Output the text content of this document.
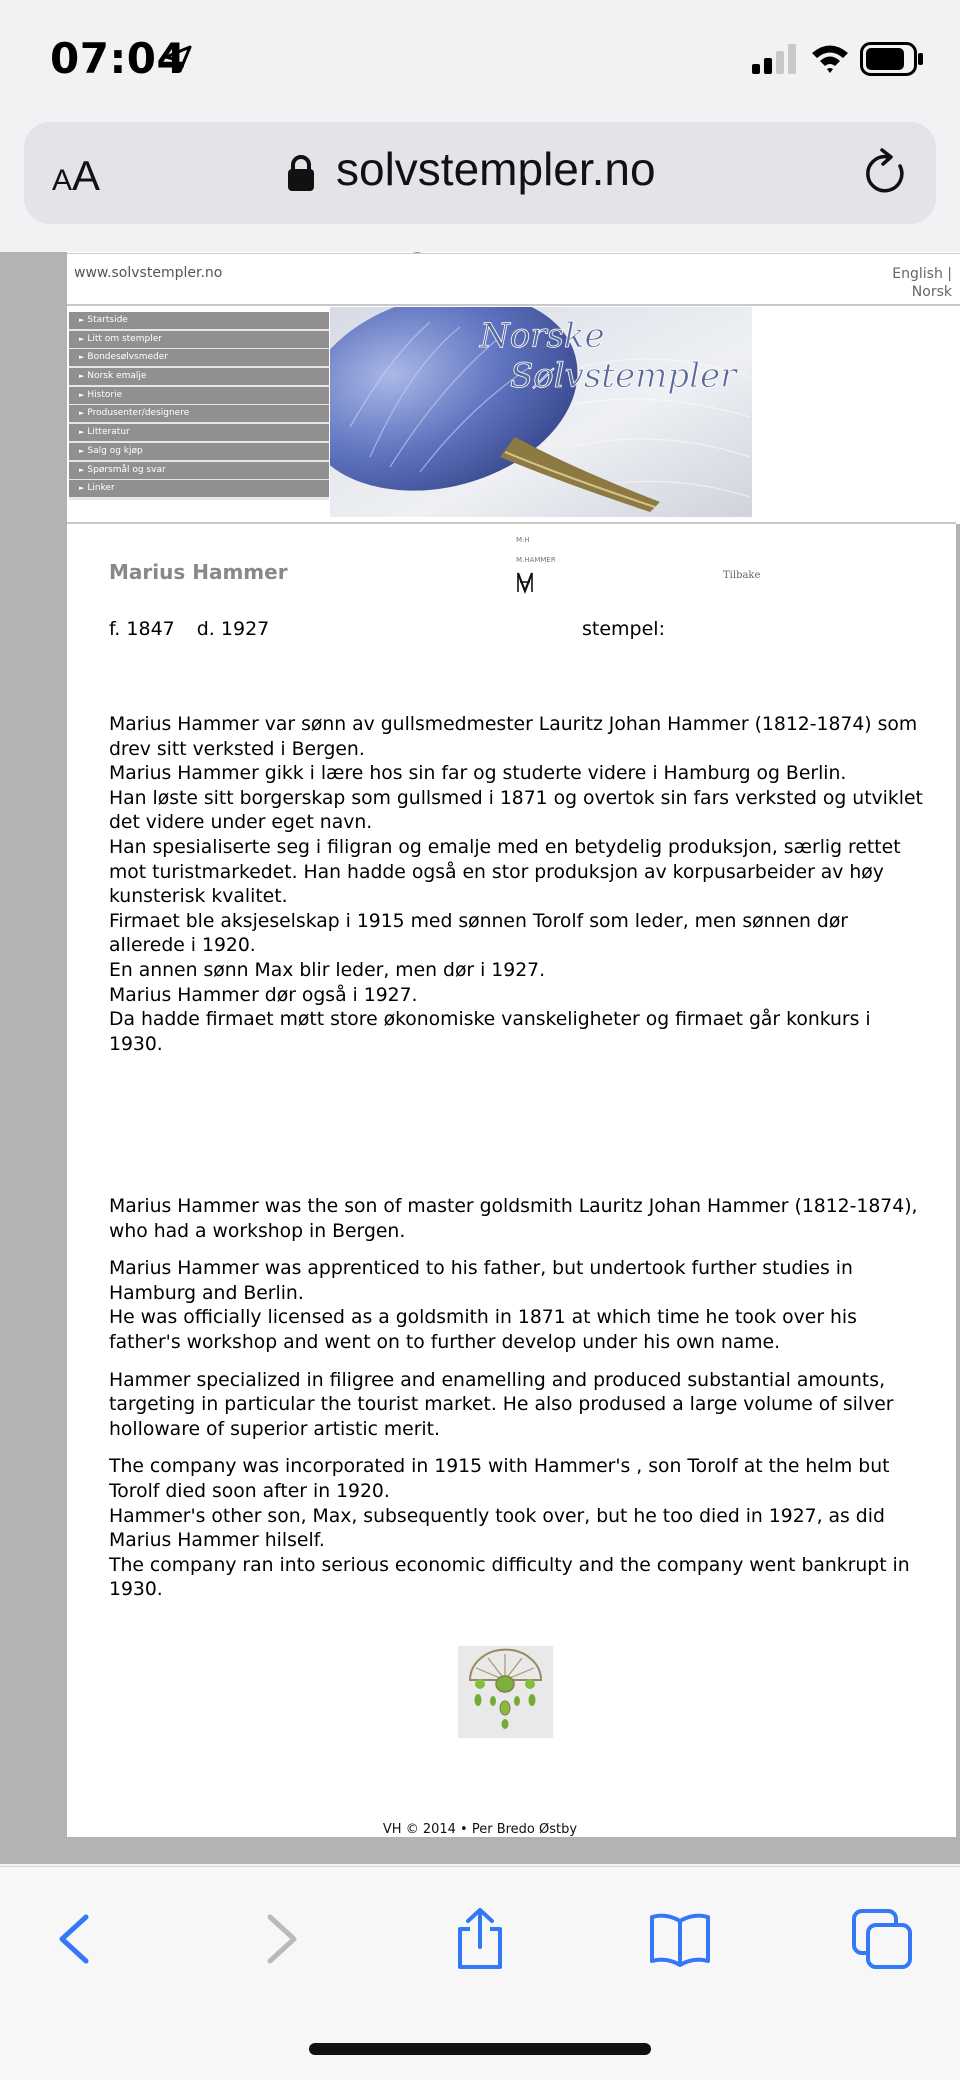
07:04
AA	solvstempler.no
www.solvstempler.no	English |
Norsk
► Startside
► Litt om stempler
► Bondesølvsmeder
► Norsk emalje
► Historie
► Produsenter/designere
► Litteratur
► Salg og kjøp
► Spørsmål og svar
► Linker
Norske
Sølvstempler
Marius Hammer
M:H
M.HAMMER
Tilbake
f. 1847 d. 1927	stempel:

Marius Hammer var sønn av gullsmedmester Lauritz Johan Hammer (1812-1874) som drev sitt verksted i Bergen.

Marius Hammer gikk i lære hos sin far og studerte videre i Hamburg og Berlin.

Han løste sitt borgerskap som gullsmed i 1871 og overtok sin fars verksted og utviklet det videre under eget navn.

Han spesialiserte seg i filigran og emalje med en betydelig produksjon, særlig rettet mot turistmarkedet. Han hadde også en stor produksjon av korpusarbeider av høy kunsterisk kvalitet.

Firmaet ble aksjeselskap i 1915 med sønnen Torolf som leder, men sønnen dør allerede i 1920.

En annen sønn Max blir leder, men dør i 1927.

Marius Hammer dør også i 1927.

Da hadde firmaet møtt store økonomiske vanskeligheter og firmaet går konkurs i 1930.

Marius Hammer was the son of master goldsmith Lauritz Johan Hammer (1812-1874), who had a workshop in Bergen.

Marius Hammer was apprenticed to his father, but undertook further studies in Hamburg and Berlin.
He was officially licensed as a goldsmith in 1871 at which time he took over his father's workshop and went on to further develop under his own name.

Hammer specialized in filigree and enamelling and produced substantial amounts, targeting in particular the tourist market. He also prodused a large volume of silver holloware of superior artistic merit.

The company was incorporated in 1915 with Hammer's , son Torolf at the helm but Torolf died soon after in 1920.
Hammer's other son, Max, subsequently took over, but he too died in 1927, as did Marius Hammer hilself.
The company ran into serious economic difficulty and the company went bankrupt in 1930.

VH © 2014 • Per Bredo Østby
